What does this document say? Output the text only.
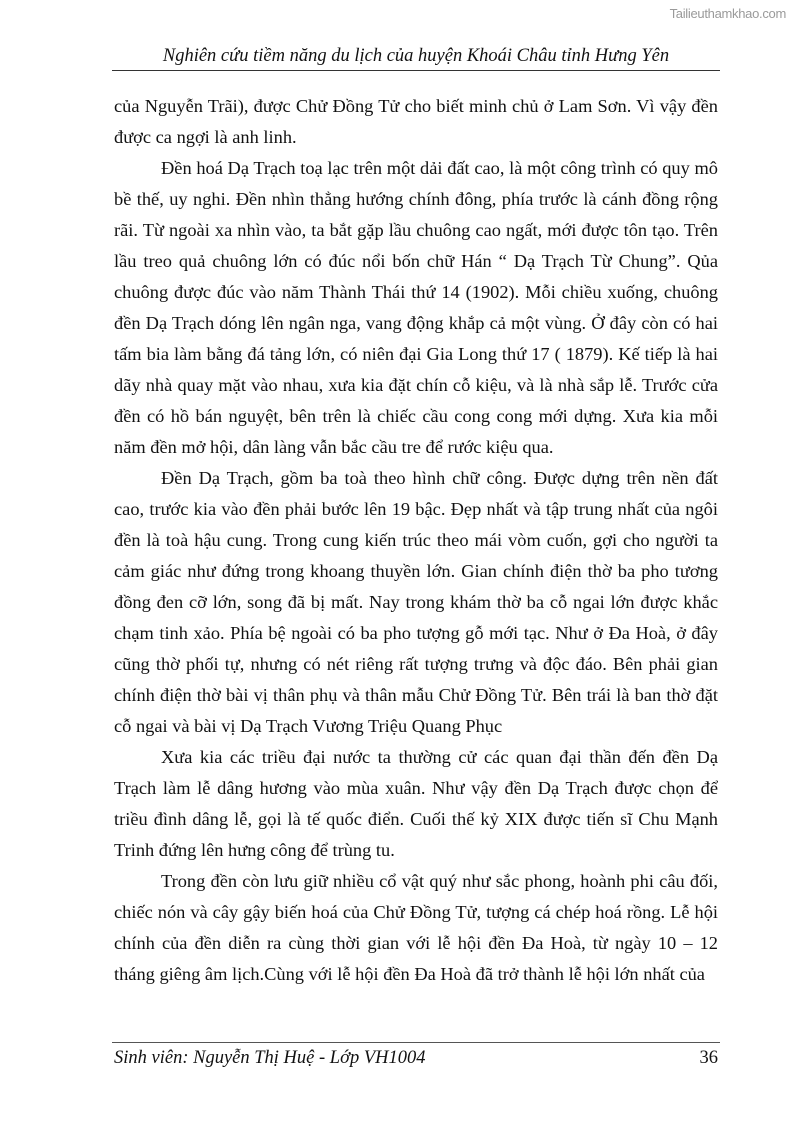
Tailieuthamkhao.com
Nghiên cứu tiềm năng du lịch của huyện Khoái Châu tỉnh Hưng Yên

của Nguyễn Trãi), được Chử Đồng Tử cho biết minh chủ ở Lam Sơn. Vì vậy đền được ca ngợi là anh linh.

Đền hoá Dạ Trạch toạ lạc trên một dải đất cao, là một công trình có quy mô bề thế, uy nghi. Đền nhìn thẳng hướng chính đông, phía trước là cánh đồng rộng rãi. Từ ngoài xa nhìn vào, ta bắt gặp lầu chuông cao ngất, mới được tôn tạo. Trên lầu treo quả chuông lớn có đúc nổi bốn chữ Hán “ Dạ Trạch Từ Chung”. Qủa chuông được đúc vào năm Thành Thái thứ 14 (1902). Mỗi chiều xuống, chuông đền Dạ Trạch dóng lên ngân nga, vang động khắp cả một vùng. Ở đây còn có hai tấm bia làm bằng đá tảng lớn, có niên đại Gia Long thứ 17 ( 1879). Kế tiếp là hai dãy nhà quay mặt vào nhau, xưa kia đặt chín cỗ kiệu, và là nhà sắp lễ. Trước cửa đền có hồ bán nguyệt, bên trên là chiếc cầu cong cong mới dựng. Xưa kia mỗi năm đền mở hội, dân làng vẫn bắc cầu tre để rước kiệu qua.

Đền Dạ Trạch, gồm ba toà theo hình chữ công. Được dựng trên nền đất cao, trước kia vào đền phải bước lên 19 bậc. Đẹp nhất và tập trung nhất của ngôi đền là toà hậu cung. Trong cung kiến trúc theo mái vòm cuốn, gợi cho người ta cảm giác như đứng trong khoang thuyền lớn. Gian chính điện thờ ba pho tương đồng đen cỡ lớn, song đã bị mất. Nay trong khám thờ ba cỗ ngai lớn được khắc chạm tinh xảo. Phía bệ ngoài có ba pho tượng gỗ mới tạc. Như ở Đa Hoà, ở đây cũng thờ phối tự, nhưng có nét riêng rất tượng trưng và độc đáo. Bên phải gian chính điện thờ bài vị thân phụ và thân mẫu Chử Đồng Tử. Bên trái là ban thờ đặt cỗ ngai và bài vị Dạ Trạch Vương Triệu Quang Phục

Xưa kia các triều đại nước ta thường cử các quan đại thần đến đền Dạ Trạch làm lễ dâng hương vào mùa xuân. Như vậy đền Dạ Trạch được chọn để triều đình dâng lễ, gọi là tế quốc điển. Cuối thế kỷ XIX được tiến sĩ Chu Mạnh Trinh đứng lên hưng công để trùng tu.

Trong đền còn lưu giữ nhiều cổ vật quý như sắc phong, hoành phi câu đối, chiếc nón và cây gậy biến hoá của Chử Đồng Tử, tượng cá chép hoá rồng. Lễ hội chính của đền diễn ra cùng thời gian với lễ hội đền Đa Hoà, từ ngày 10 – 12 tháng giêng âm lịch.Cùng với lễ hội đền Đa Hoà đã trở thành lễ hội lớn nhất của

Sinh viên: Nguyễn Thị Huệ - Lớp VH1004	36
